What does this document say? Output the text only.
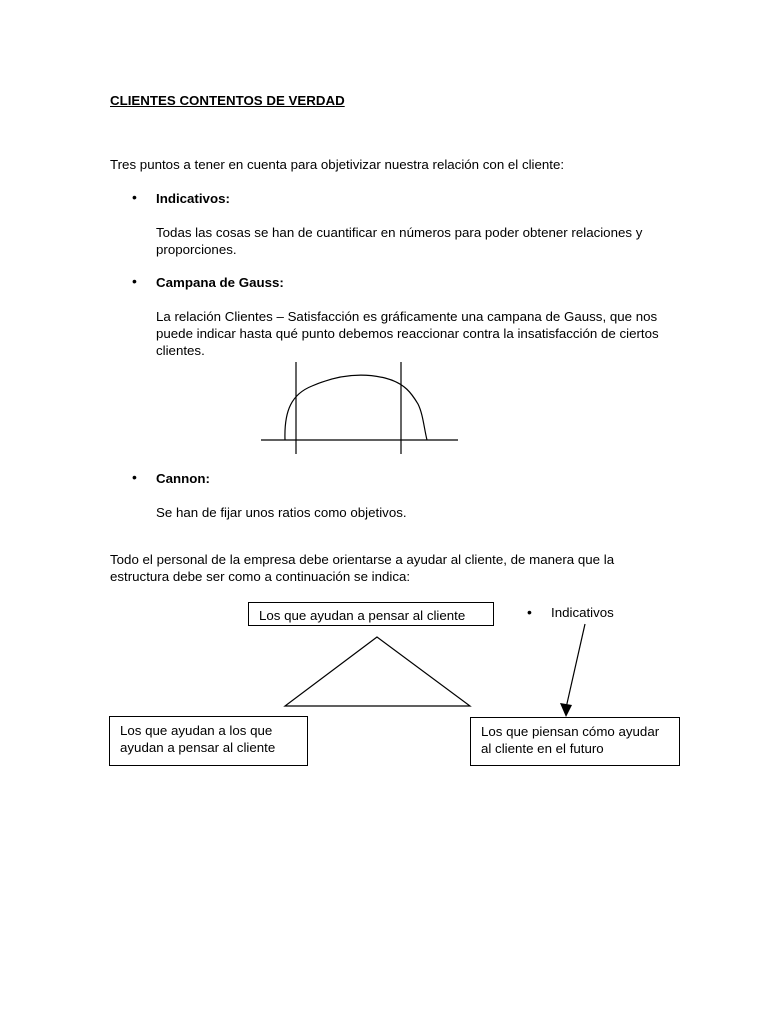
CLIENTES CONTENTOS DE VERDAD
Tres puntos a tener en cuenta para objetivizar nuestra relación con el cliente:
• Indicativos:
Todas las cosas se han de cuantificar en números para poder obtener relaciones y proporciones.
• Campana de Gauss:
La relación Clientes – Satisfacción es gráficamente una campana de Gauss, que nos puede indicar hasta qué punto debemos reaccionar contra la insatisfacción de ciertos clientes.
• Cannon:
Se han de fijar unos ratios como objetivos.
Todo el personal de la empresa debe orientarse a ayudar al cliente, de manera que la estructura debe ser como a continuación se indica:
Los que ayudan a pensar al cliente
Los que ayudan a los que ayudan a pensar al cliente
Los que piensan cómo ayudar al cliente en el futuro
• Indicativos
